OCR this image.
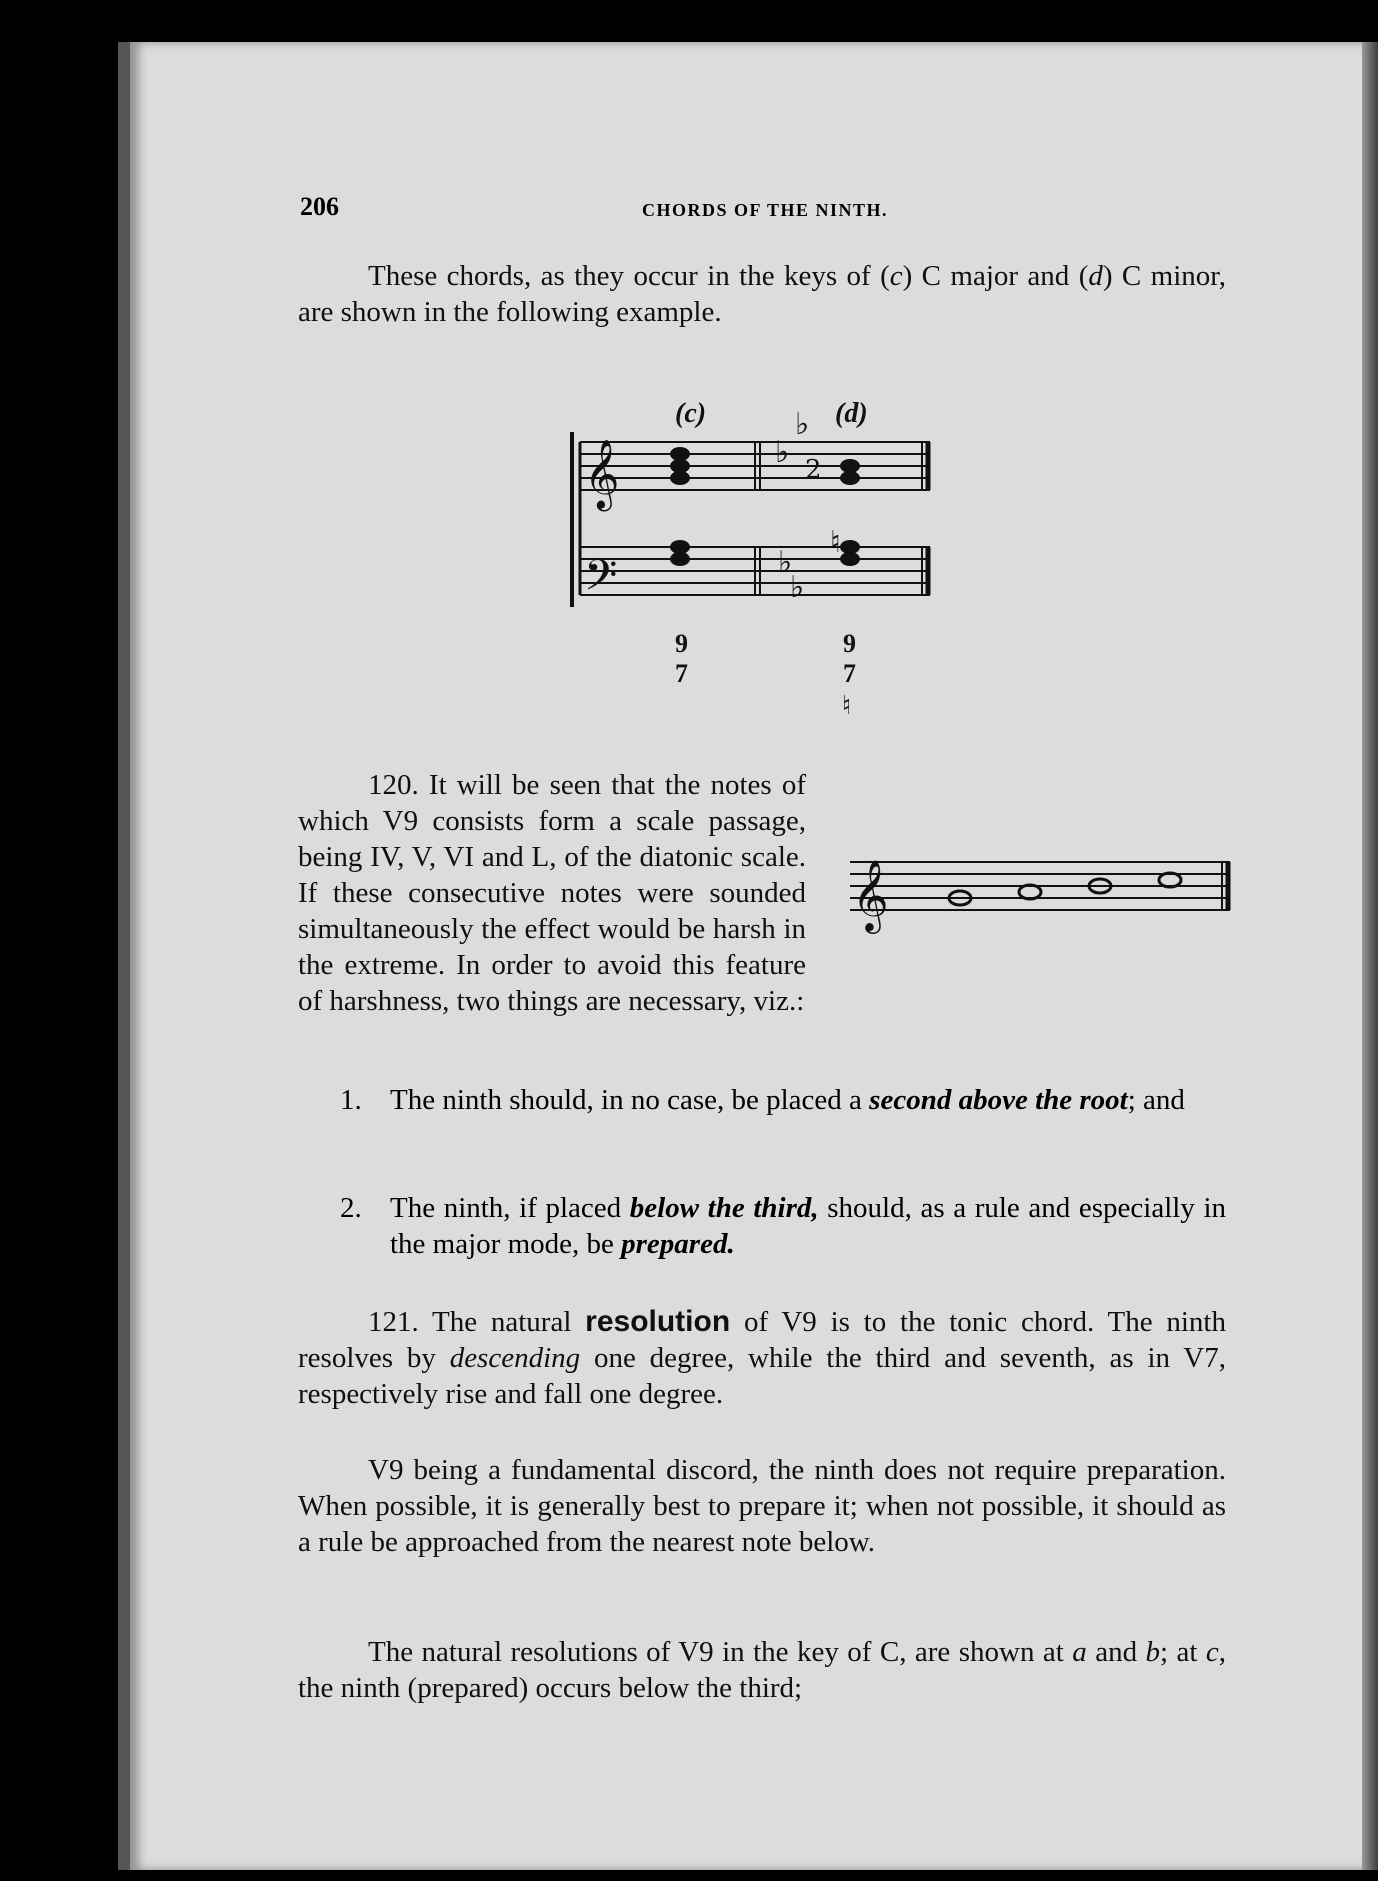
206	CHORDS OF THE NINTH.

These chords, as they occur in the keys of (c) C major and (d) C minor, are shown in the following example.

𝄞
𝄢
♭
♭
2
♭
♭
♮
(c)	(d)
9
7
9
7
♮
120. It will be seen that the notes of which V9 consists form a scale passage, being IV, V, VI and L, of the diatonic scale. If these consecutive notes were sounded simultaneously the effect would be harsh in the extreme. In order to avoid this feature of harshness, two things are necessary, viz.:
𝄞
1. The ninth should, in no case, be placed a second above the root; and
2. The ninth, if placed below the third, should, as a rule and especially in the major mode, be prepared.

121. The natural resolution of V9 is to the tonic chord. The ninth resolves by descending one degree, while the third and seventh, as in V7, respectively rise and fall one degree.

V9 being a fundamental discord, the ninth does not require preparation. When possible, it is generally best to prepare it; when not possible, it should as a rule be approached from the nearest note below.

The natural resolutions of V9 in the key of C, are shown at a and b; at c, the ninth (prepared) occurs below the third;
